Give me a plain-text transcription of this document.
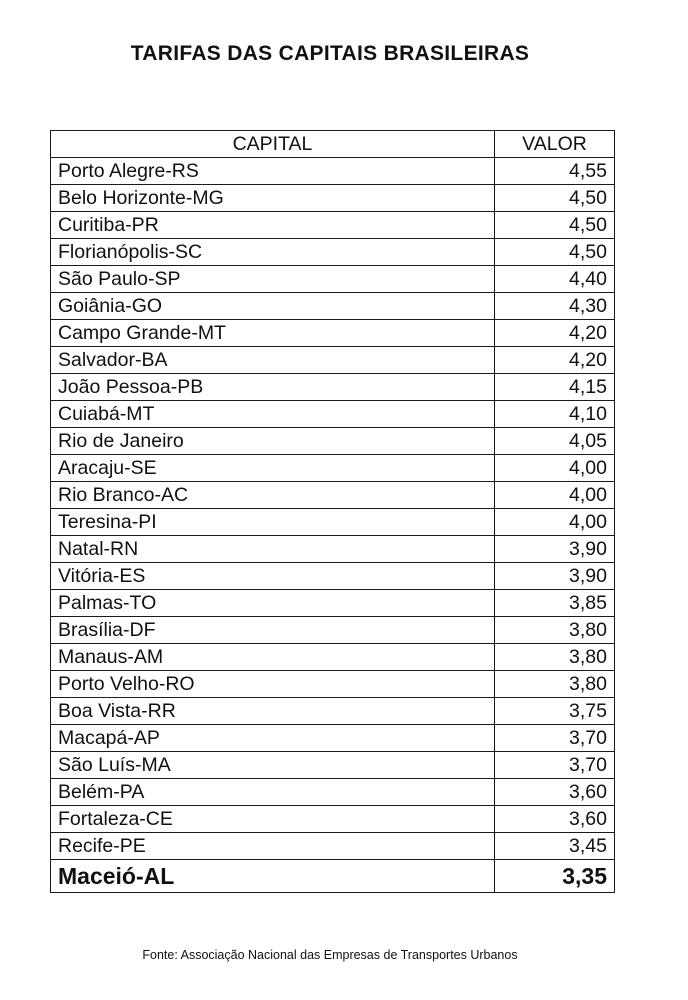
TARIFAS DAS CAPITAIS BRASILEIRAS
CAPITAL	VALOR
Porto Alegre-RS	4,55
Belo Horizonte-MG	4,50
Curitiba-PR	4,50
Florianópolis-SC	4,50
São Paulo-SP	4,40
Goiânia-GO	4,30
Campo Grande-MT	4,20
Salvador-BA	4,20
João Pessoa-PB	4,15
Cuiabá-MT	4,10
Rio de Janeiro	4,05
Aracaju-SE	4,00
Rio Branco-AC	4,00
Teresina-PI	4,00
Natal-RN	3,90
Vitória-ES	3,90
Palmas-TO	3,85
Brasília-DF	3,80
Manaus-AM	3,80
Porto Velho-RO	3,80
Boa Vista-RR	3,75
Macapá-AP	3,70
São Luís-MA	3,70
Belém-PA	3,60
Fortaleza-CE	3,60
Recife-PE	3,45
Maceió-AL	3,35
Fonte: Associação Nacional das Empresas de Transportes Urbanos
